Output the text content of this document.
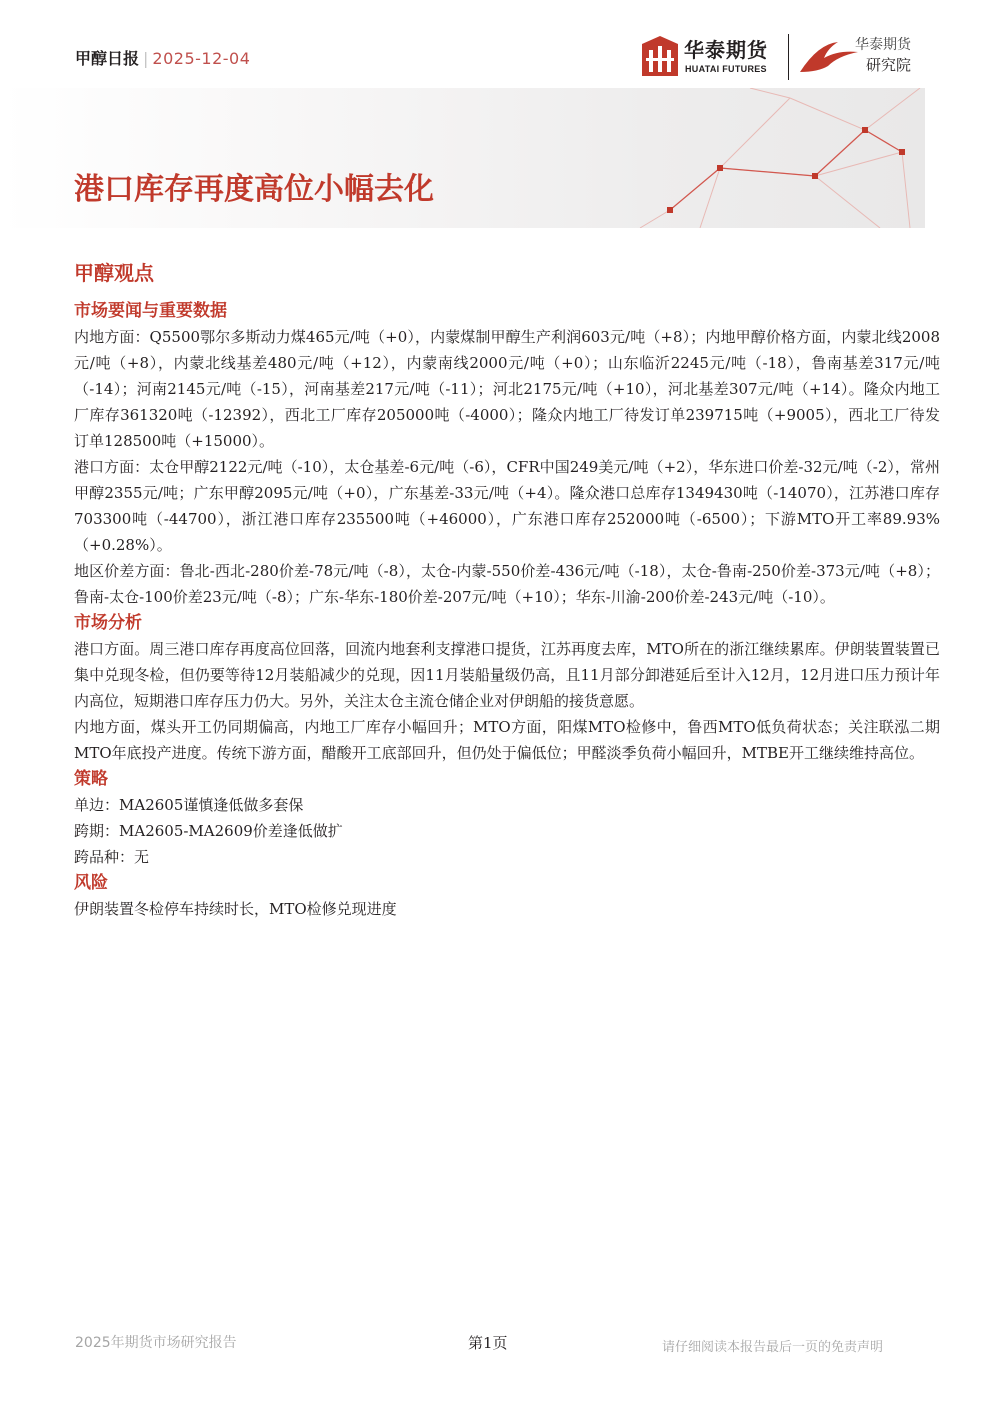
甲醇日报 | 2025-12-04	华泰期货
HUATAI FUTURES
华泰期货
研究院
港口库存再度高位小幅去化
甲醇观点
市场要闻与重要数据

内地方面：Q5500鄂尔多斯动力煤465元/吨（+0），内蒙煤制甲醇生产利润603元/吨（+8）；内地甲醇价格方面，内蒙北线2008元/吨（+8），内蒙北线基差480元/吨（+12），内蒙南线2000元/吨（+0）；山东临沂2245元/吨（-18），鲁南基差317元/吨（-14）；河南2145元/吨（-15），河南基差217元/吨（-11）；河北2175元/吨（+10），河北基差307元/吨（+14）。隆众内地工厂库存361320吨（-12392），西北工厂库存205000吨（-4000）；隆众内地工厂待发订单239715吨（+9005），西北工厂待发订单128500吨（+15000）。

港口方面：太仓甲醇2122元/吨（-10），太仓基差-6元/吨（-6），CFR中国249美元/吨（+2），华东进口价差-32元/吨（-2），常州甲醇2355元/吨；广东甲醇2095元/吨（+0），广东基差-33元/吨（+4）。隆众港口总库存1349430吨（-14070），江苏港口库存703300吨（-44700），浙江港口库存235500吨（+46000），广东港口库存252000吨（-6500）；下游MTO开工率89.93%（+0.28%）。

地区价差方面：鲁北-西北-280价差-78元/吨（-8），太仓-内蒙-550价差-436元/吨（-18），太仓-鲁南-250价差-373元/吨（+8）；鲁南-太仓-100价差23元/吨（-8）；广东-华东-180价差-207元/吨（+10）；华东-川渝-200价差-243元/吨（-10）。

市场分析

港口方面。周三港口库存再度高位回落，回流内地套利支撑港口提货，江苏再度去库，MTO所在的浙江继续累库。伊朗装置装置已集中兑现冬检，但仍要等待12月装船减少的兑现，因11月装船量级仍高，且11月部分卸港延后至计入12月，12月进口压力预计年内高位，短期港口库存压力仍大。另外，关注太仓主流仓储企业对伊朗船的接货意愿。

内地方面，煤头开工仍同期偏高，内地工厂库存小幅回升；MTO方面，阳煤MTO检修中，鲁西MTO低负荷状态；关注联泓二期MTO年底投产进度。传统下游方面，醋酸开工底部回升，但仍处于偏低位；甲醛淡季负荷小幅回升，MTBE开工继续维持高位。

策略

单边：MA2605谨慎逢低做多套保

跨期：MA2605-MA2609价差逢低做扩

跨品种：无

风险

伊朗装置冬检停车持续时长，MTO检修兑现进度

2025年期货市场研究报告	第1页	请仔细阅读本报告最后一页的免责声明
